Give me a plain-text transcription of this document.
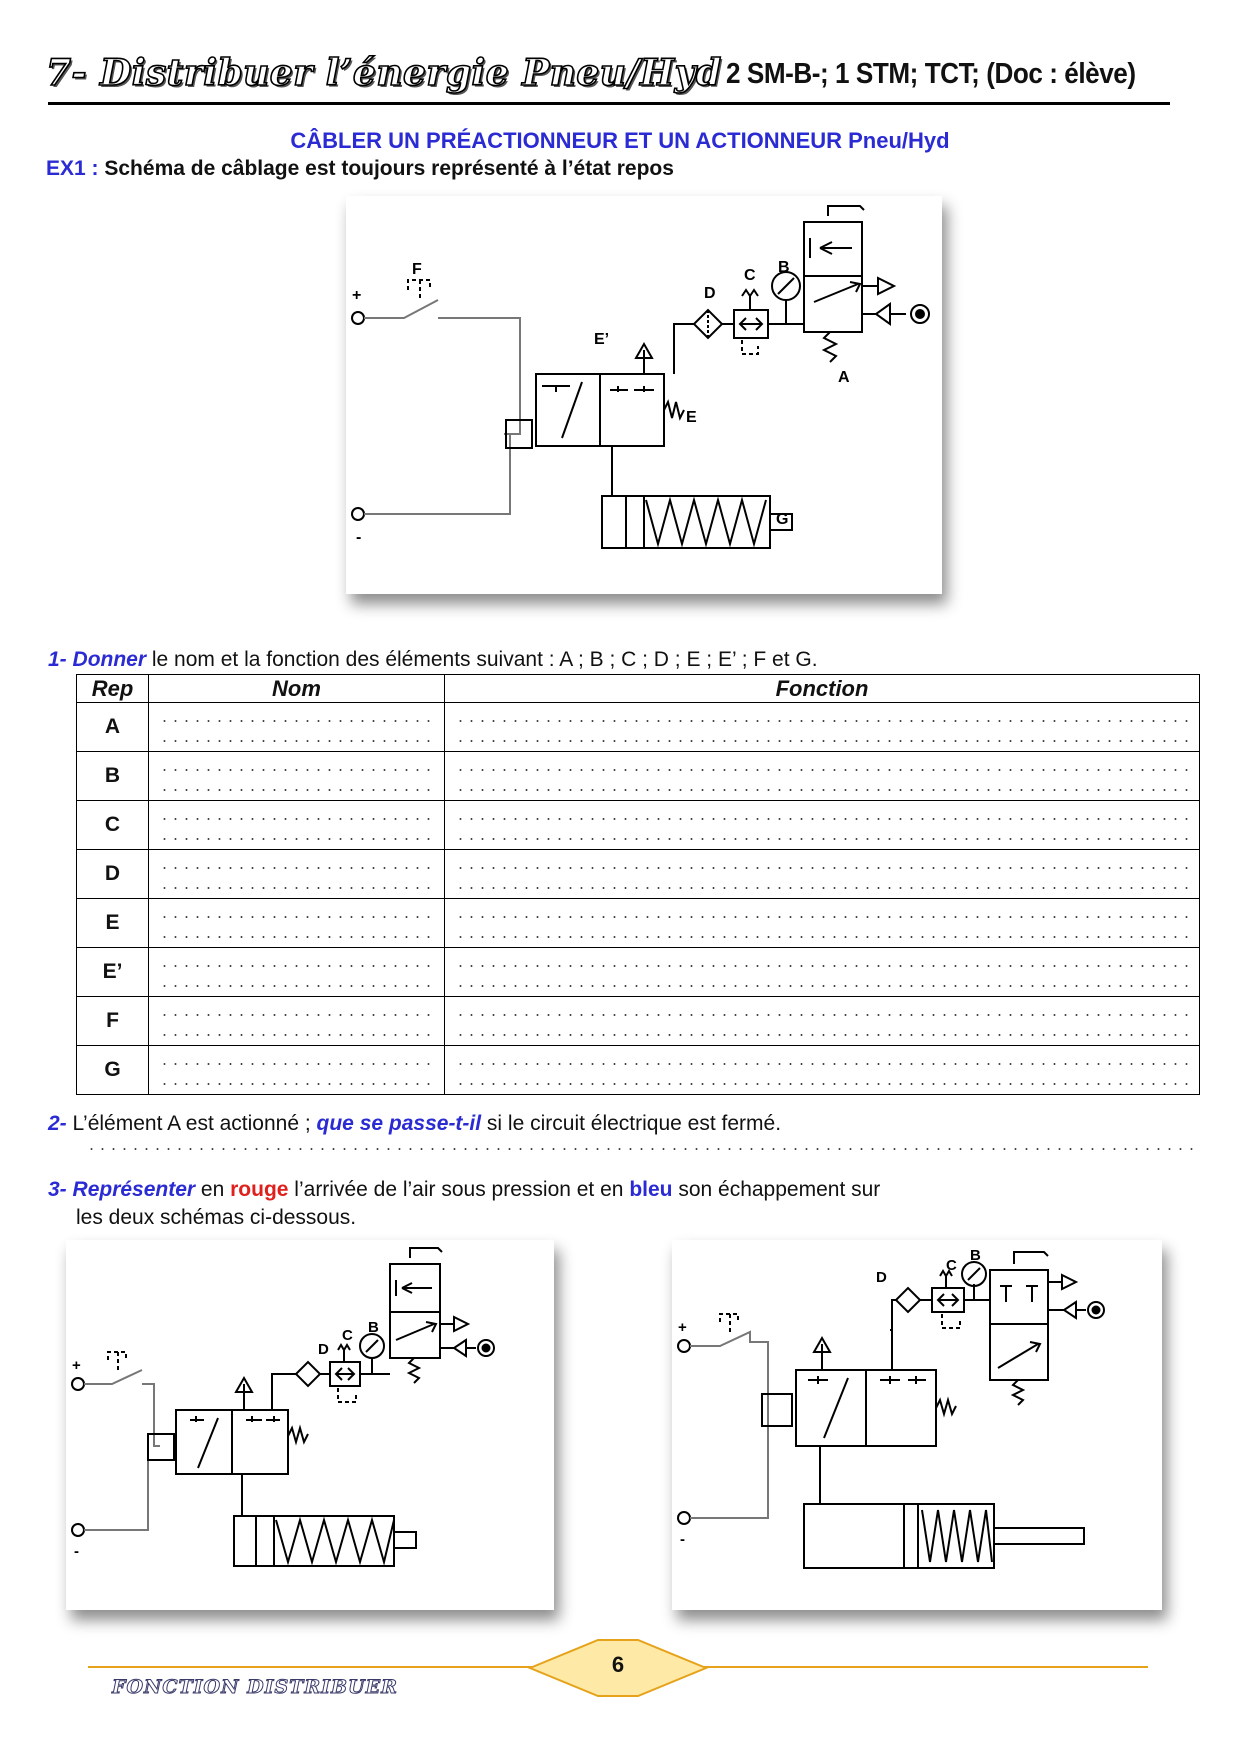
7- Distribuer l’énergie Pneu/Hyd 2 SM-B-; 1 STM; TCT; (Doc : élève)
CÂBLER UN PRÉACTIONNEUR ET UN ACTIONNEUR Pneu/Hyd
EX1 : Schéma de câblage est toujours représenté à l’état repos
+
-
F
E’
E
D
C B
A
G
1- Donner le nom et la fonction des éléments suivant : A ; B ; C ; D ; E ; E’ ; F et G.
Rep	Nom	Fonction
A	

B	

C	

D	

E	

E’	

F	

G	

2- L’élément A est actionné ; que se passe-t-il si le circuit électrique est fermé.
3- Représenter en rouge l’arrivée de l’air sous pression et en bleu son échappement sur
les deux schémas ci-dessous.
+
-
D
C B	+
-
D
C
B
6
FONCTION DISTRIBUER
